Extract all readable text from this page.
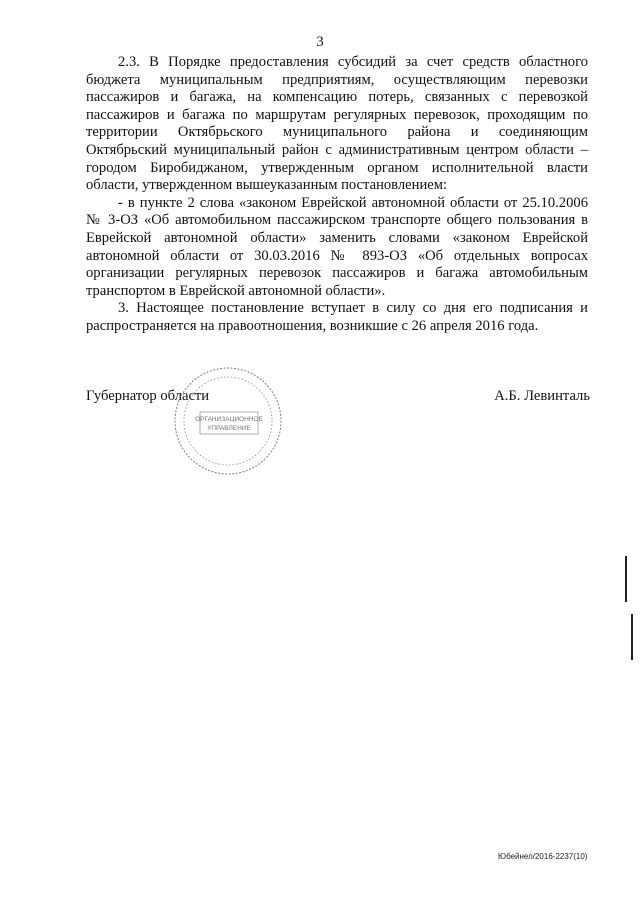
3

2.3. В Порядке предоставления субсидий за счет средств областного бюджета муниципальным предприятиям, осуществляющим перевозки пассажиров и багажа, на компенсацию потерь, связанных с перевозкой пассажиров и багажа по маршрутам регулярных перевозок, проходящим по территории Октябрьского муниципального района и соединяющим Октябрьский муниципальный район с административным центром области – городом Биробиджаном, утвержденным органом исполнительной власти области, утвержденном вышеуказанным постановлением:

- в пункте 2 слова «законом Еврейской автономной области от 25.10.2006 № 3-ОЗ «Об автомобильном пассажирском транспорте общего пользования в Еврейской автономной области» заменить словами «законом Еврейской автономной области от 30.03.2016 № 893-ОЗ «Об отдельных вопросах организации регулярных перевозок пассажиров и багажа автомобильным транспортом в Еврейской автономной области».

3. Настоящее постановление вступает в силу со дня его подписания и распространяется на правоотношения, возникшие с 26 апреля 2016 года.

ОРГАНИЗАЦИОННОЕ
УПРАВЛЕНИЕ
Губернатор области	А.Б. Левинталь
Юбейнел/2016-2237(10)
